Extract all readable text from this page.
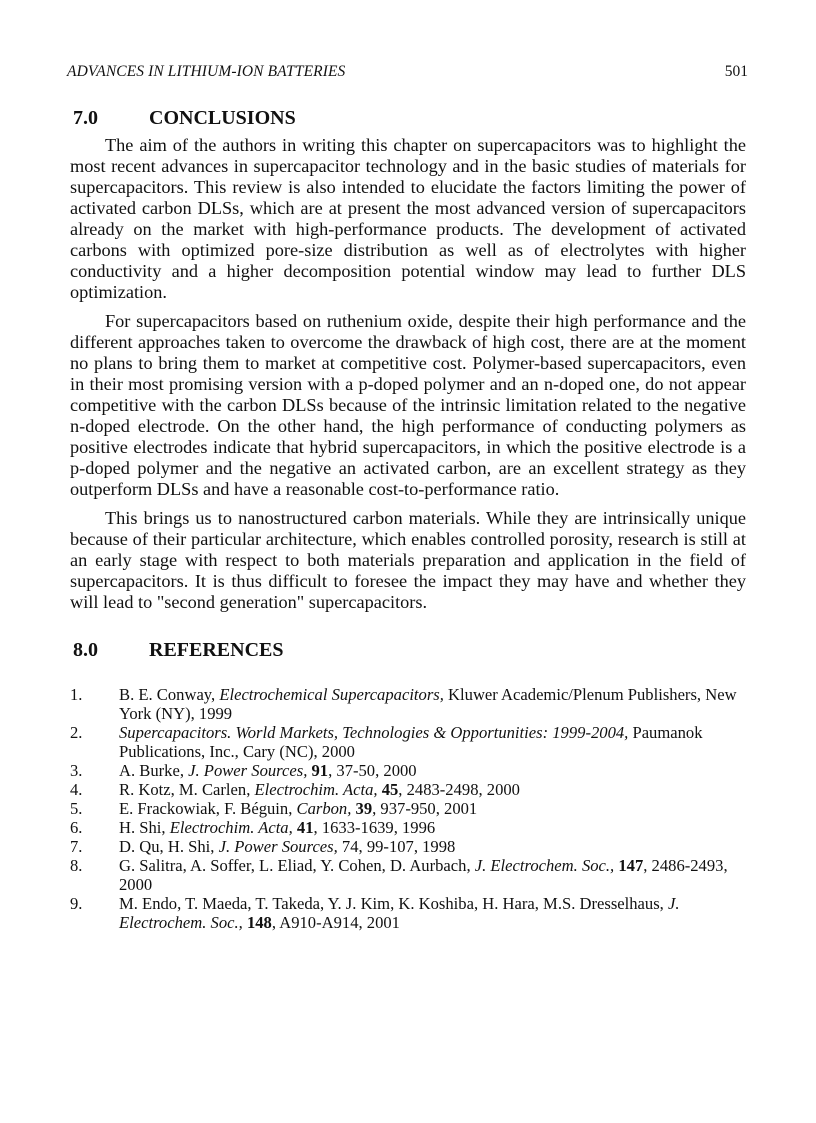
ADVANCES IN LITHIUM-ION BATTERIES	501
7.0	CONCLUSIONS

The aim of the authors in writing this chapter on supercapacitors was to highlight the most recent advances in supercapacitor technology and in the basic studies of materials for supercapacitors. This review is also intended to elucidate the factors limiting the power of activated carbon DLSs, which are at present the most advanced version of supercapacitors already on the market with high-performance products. The development of activated carbons with optimized pore-size distribution as well as of electrolytes with higher conductivity and a higher decomposition potential window may lead to further DLS optimization.

For supercapacitors based on ruthenium oxide, despite their high performance and the different approaches taken to overcome the drawback of high cost, there are at the moment no plans to bring them to market at competitive cost. Polymer-based supercapacitors, even in their most promising version with a p-doped polymer and an n-doped one, do not appear competitive with the carbon DLSs because of the intrinsic limitation related to the negative n-doped electrode. On the other hand, the high performance of conducting polymers as positive electrodes indicate that hybrid supercapacitors, in which the positive electrode is a p-doped polymer and the negative an activated carbon, are an excellent strategy as they outperform DLSs and have a reasonable cost-to-performance ratio.

This brings us to nanostructured carbon materials. While they are intrinsically unique because of their particular architecture, which enables controlled porosity, research is still at an early stage with respect to both materials preparation and application in the field of supercapacitors. It is thus difficult to foresee the impact they may have and whether they will lead to "second generation" supercapacitors.

8.0	REFERENCES
1.	B. E. Conway, Electrochemical Supercapacitors, Kluwer Academic/Plenum Publishers, New York (NY), 1999
2.	Supercapacitors. World Markets, Technologies & Opportunities: 1999-2004, Paumanok Publications, Inc., Cary (NC), 2000
3.	A. Burke, J. Power Sources, 91, 37-50, 2000
4.	R. Kotz, M. Carlen, Electrochim. Acta, 45, 2483-2498, 2000
5.	E. Frackowiak, F. Béguin, Carbon, 39, 937-950, 2001
6.	H. Shi, Electrochim. Acta, 41, 1633-1639, 1996
7.	D. Qu, H. Shi, J. Power Sources, 74, 99-107, 1998
8.	G. Salitra, A. Soffer, L. Eliad, Y. Cohen, D. Aurbach, J. Electrochem. Soc., 147, 2486-2493, 2000
9.	M. Endo, T. Maeda, T. Takeda, Y. J. Kim, K. Koshiba, H. Hara, M.S. Dresselhaus, J. Electrochem. Soc., 148, A910-A914, 2001
